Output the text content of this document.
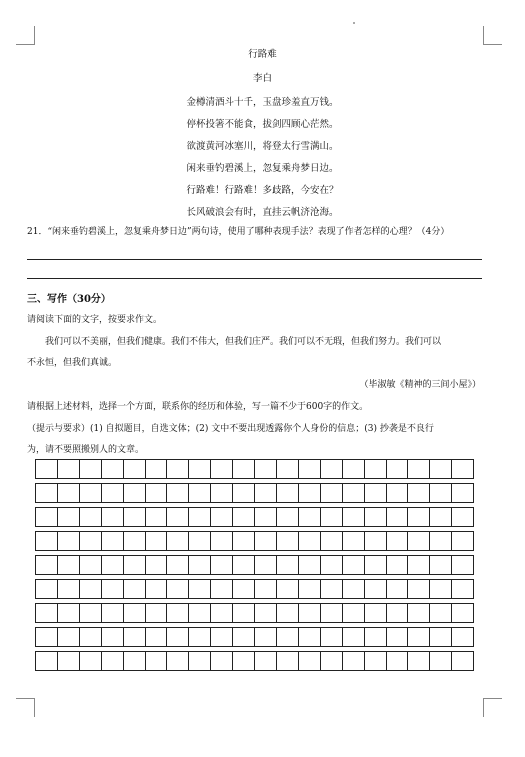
行路难
李白
金樽清酒斗十千，玉盘珍羞直万钱。
停杯投箸不能食，拔剑四顾心茫然。
欲渡黄河冰塞川，将登太行雪满山。
闲来垂钓碧溪上，忽复乘舟梦日边。
行路难！行路难！多歧路，今安在？
长风破浪会有时，直挂云帆济沧海。
21．“闲来垂钓碧溪上，忽复乘舟梦日边”两句诗，使用了哪种表现手法？表现了作者怎样的心理？（4分）
三、写作（30分）
请阅读下面的文字，按要求作文。
我们可以不美丽，但我们健康。我们不伟大，但我们庄严。我们可以不无瑕，但我们努力。我们可以
不永恒，但我们真诚。
（毕淑敏《精神的三间小屋》）
请根据上述材料，选择一个方面，联系你的经历和体验，写一篇不少于600字的作文。
（提示与要求）(1) 自拟题目，自选文体；(2) 文中不要出现透露你个人身份的信息；(3) 抄袭是不良行
为，请不要照搬别人的文章。
